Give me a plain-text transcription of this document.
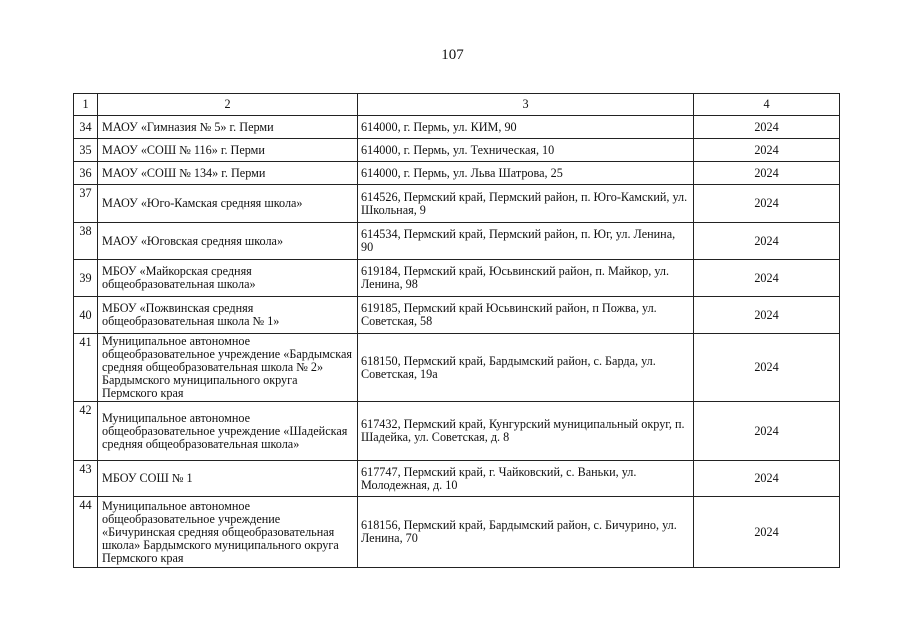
107
1	2	3	4
34	МАОУ «Гимназия № 5» г. Перми	614000, г. Пермь, ул. КИМ, 90	2024
35	МАОУ «СОШ № 116» г. Перми	614000, г. Пермь, ул. Техническая, 10	2024
36	МАОУ «СОШ № 134» г. Перми	614000, г. Пермь, ул. Льва Шатрова, 25	2024
37	МАОУ «Юго-Камская средняя школа»	614526, Пермский край, Пермский район, п. Юго-Камский, ул. Школьная, 9	2024
38	МАОУ «Юговская средняя школа»	614534, Пермский край, Пермский район, п. Юг, ул. Ленина, 90	2024
39	МБОУ «Майкорская средняя общеобразовательная школа»	619184, Пермский край, Юсьвинский район, п. Майкор, ул. Ленина, 98	2024
40	МБОУ «Пожвинская средняя общеобразовательная школа № 1»	619185, Пермский край Юсьвинский район, п Пожва, ул. Советская, 58	2024
41	Муниципальное автономное общеобразовательное учреждение «Бардымская средняя общеобразовательная школа № 2» Бардымского муниципального округа Пермского края	618150, Пермский край, Бардымский район, с. Барда, ул. Советская, 19а	2024
42	Муниципальное автономное общеобразовательное учреждение «Шадейская средняя общеобразовательная школа»	617432, Пермский край, Кунгурский муниципальный округ, п. Шадейка, ул. Советская, д. 8	2024
43	МБОУ СОШ № 1	617747, Пермский край, г. Чайковский, с. Ваньки, ул. Молодежная, д. 10	2024
44	Муниципальное автономное общеобразовательное учреждение «Бичуринская средняя общеобразовательная школа» Бардымского муниципального округа Пермского края	618156, Пермский край, Бардымский район, с. Бичурино, ул. Ленина, 70	2024
